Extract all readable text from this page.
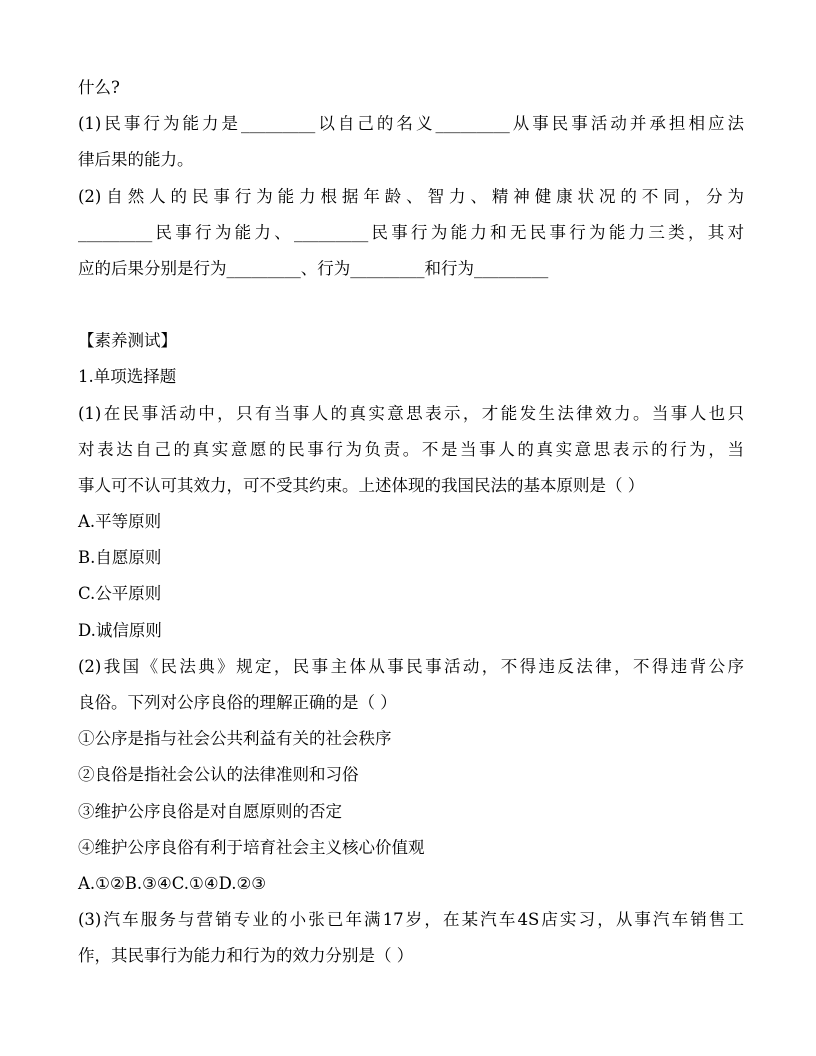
什么?
(1)民事行为能力是_________以自己的名义_________从事民事活动并承担相应法
律后果的能力。
(2)自然人的民事行为能力根据年龄、智力、精神健康状况的不同，分为
_________民事行为能力、_________民事行为能力和无民事行为能力三类，其对
应的后果分别是行为_________、行为_________和行为_________
【素养测试】
1.单项选择题
(1)在民事活动中，只有当事人的真实意思表示，才能发生法律效力。当事人也只
对表达自己的真实意愿的民事行为负责。不是当事人的真实意思表示的行为，当
事人可不认可其效力，可不受其约束。上述体现的我国民法的基本原则是（ ）
A.平等原则
B.自愿原则
C.公平原则
D.诚信原则
(2)我国《民法典》规定，民事主体从事民事活动，不得违反法律，不得违背公序
良俗。下列对公序良俗的理解正确的是（ ）
①公序是指与社会公共利益有关的社会秩序
②良俗是指社会公认的法律准则和习俗
③维护公序良俗是对自愿原则的否定
④维护公序良俗有利于培育社会主义核心价值观
A.①②B.③④C.①④D.②③
(3)汽车服务与营销专业的小张已年满17岁，在某汽车4S店实习，从事汽车销售工
作，其民事行为能力和行为的效力分别是（ ）
